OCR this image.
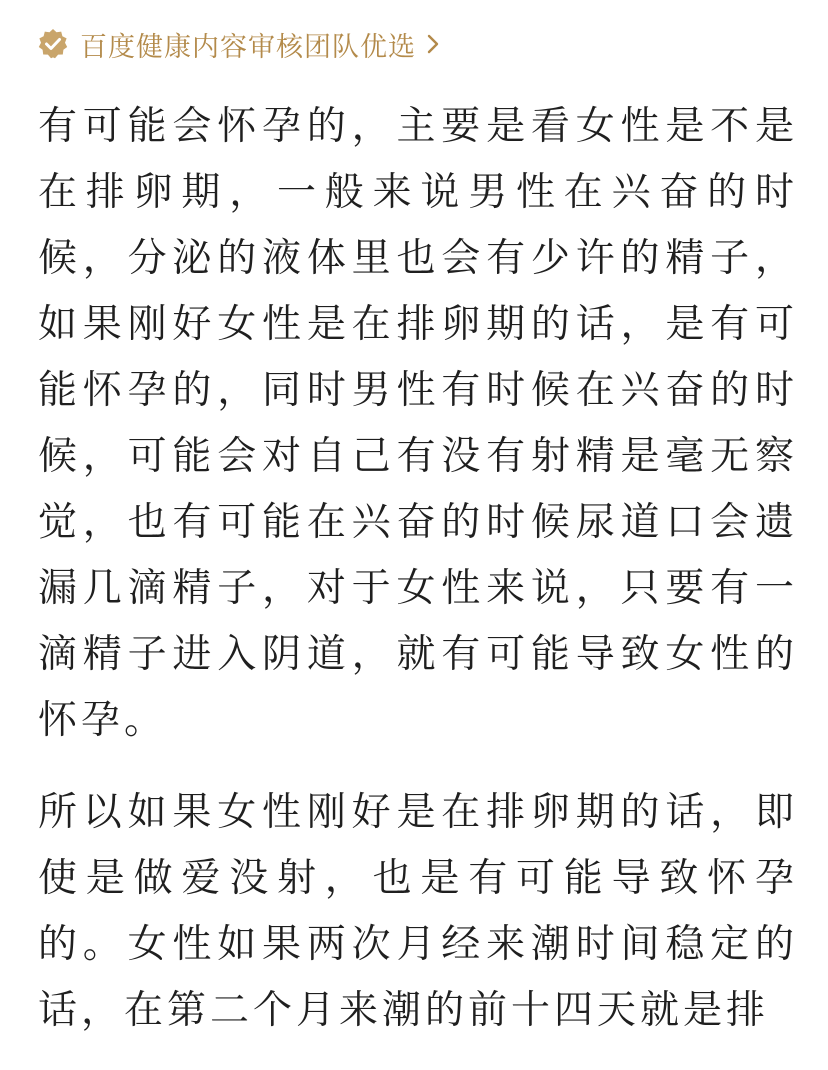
百度健康内容审核团队优选

有可能会怀孕的，主要是看女性是不是在排卵期，一般来说男性在兴奋的时候，分泌的液体里也会有少许的精子，如果刚好女性是在排卵期的话，是有可能怀孕的，同时男性有时候在兴奋的时候，可能会对自己有没有射精是毫无察觉，也有可能在兴奋的时候尿道口会遗漏几滴精子，对于女性来说，只要有一滴精子进入阴道，就有可能导致女性的怀孕。

所以如果女性刚好是在排卵期的话，即使是做爱没射，也是有可能导致怀孕的。女性如果两次月经来潮时间稳定的话，在第二个月来潮的前十四天就是排
